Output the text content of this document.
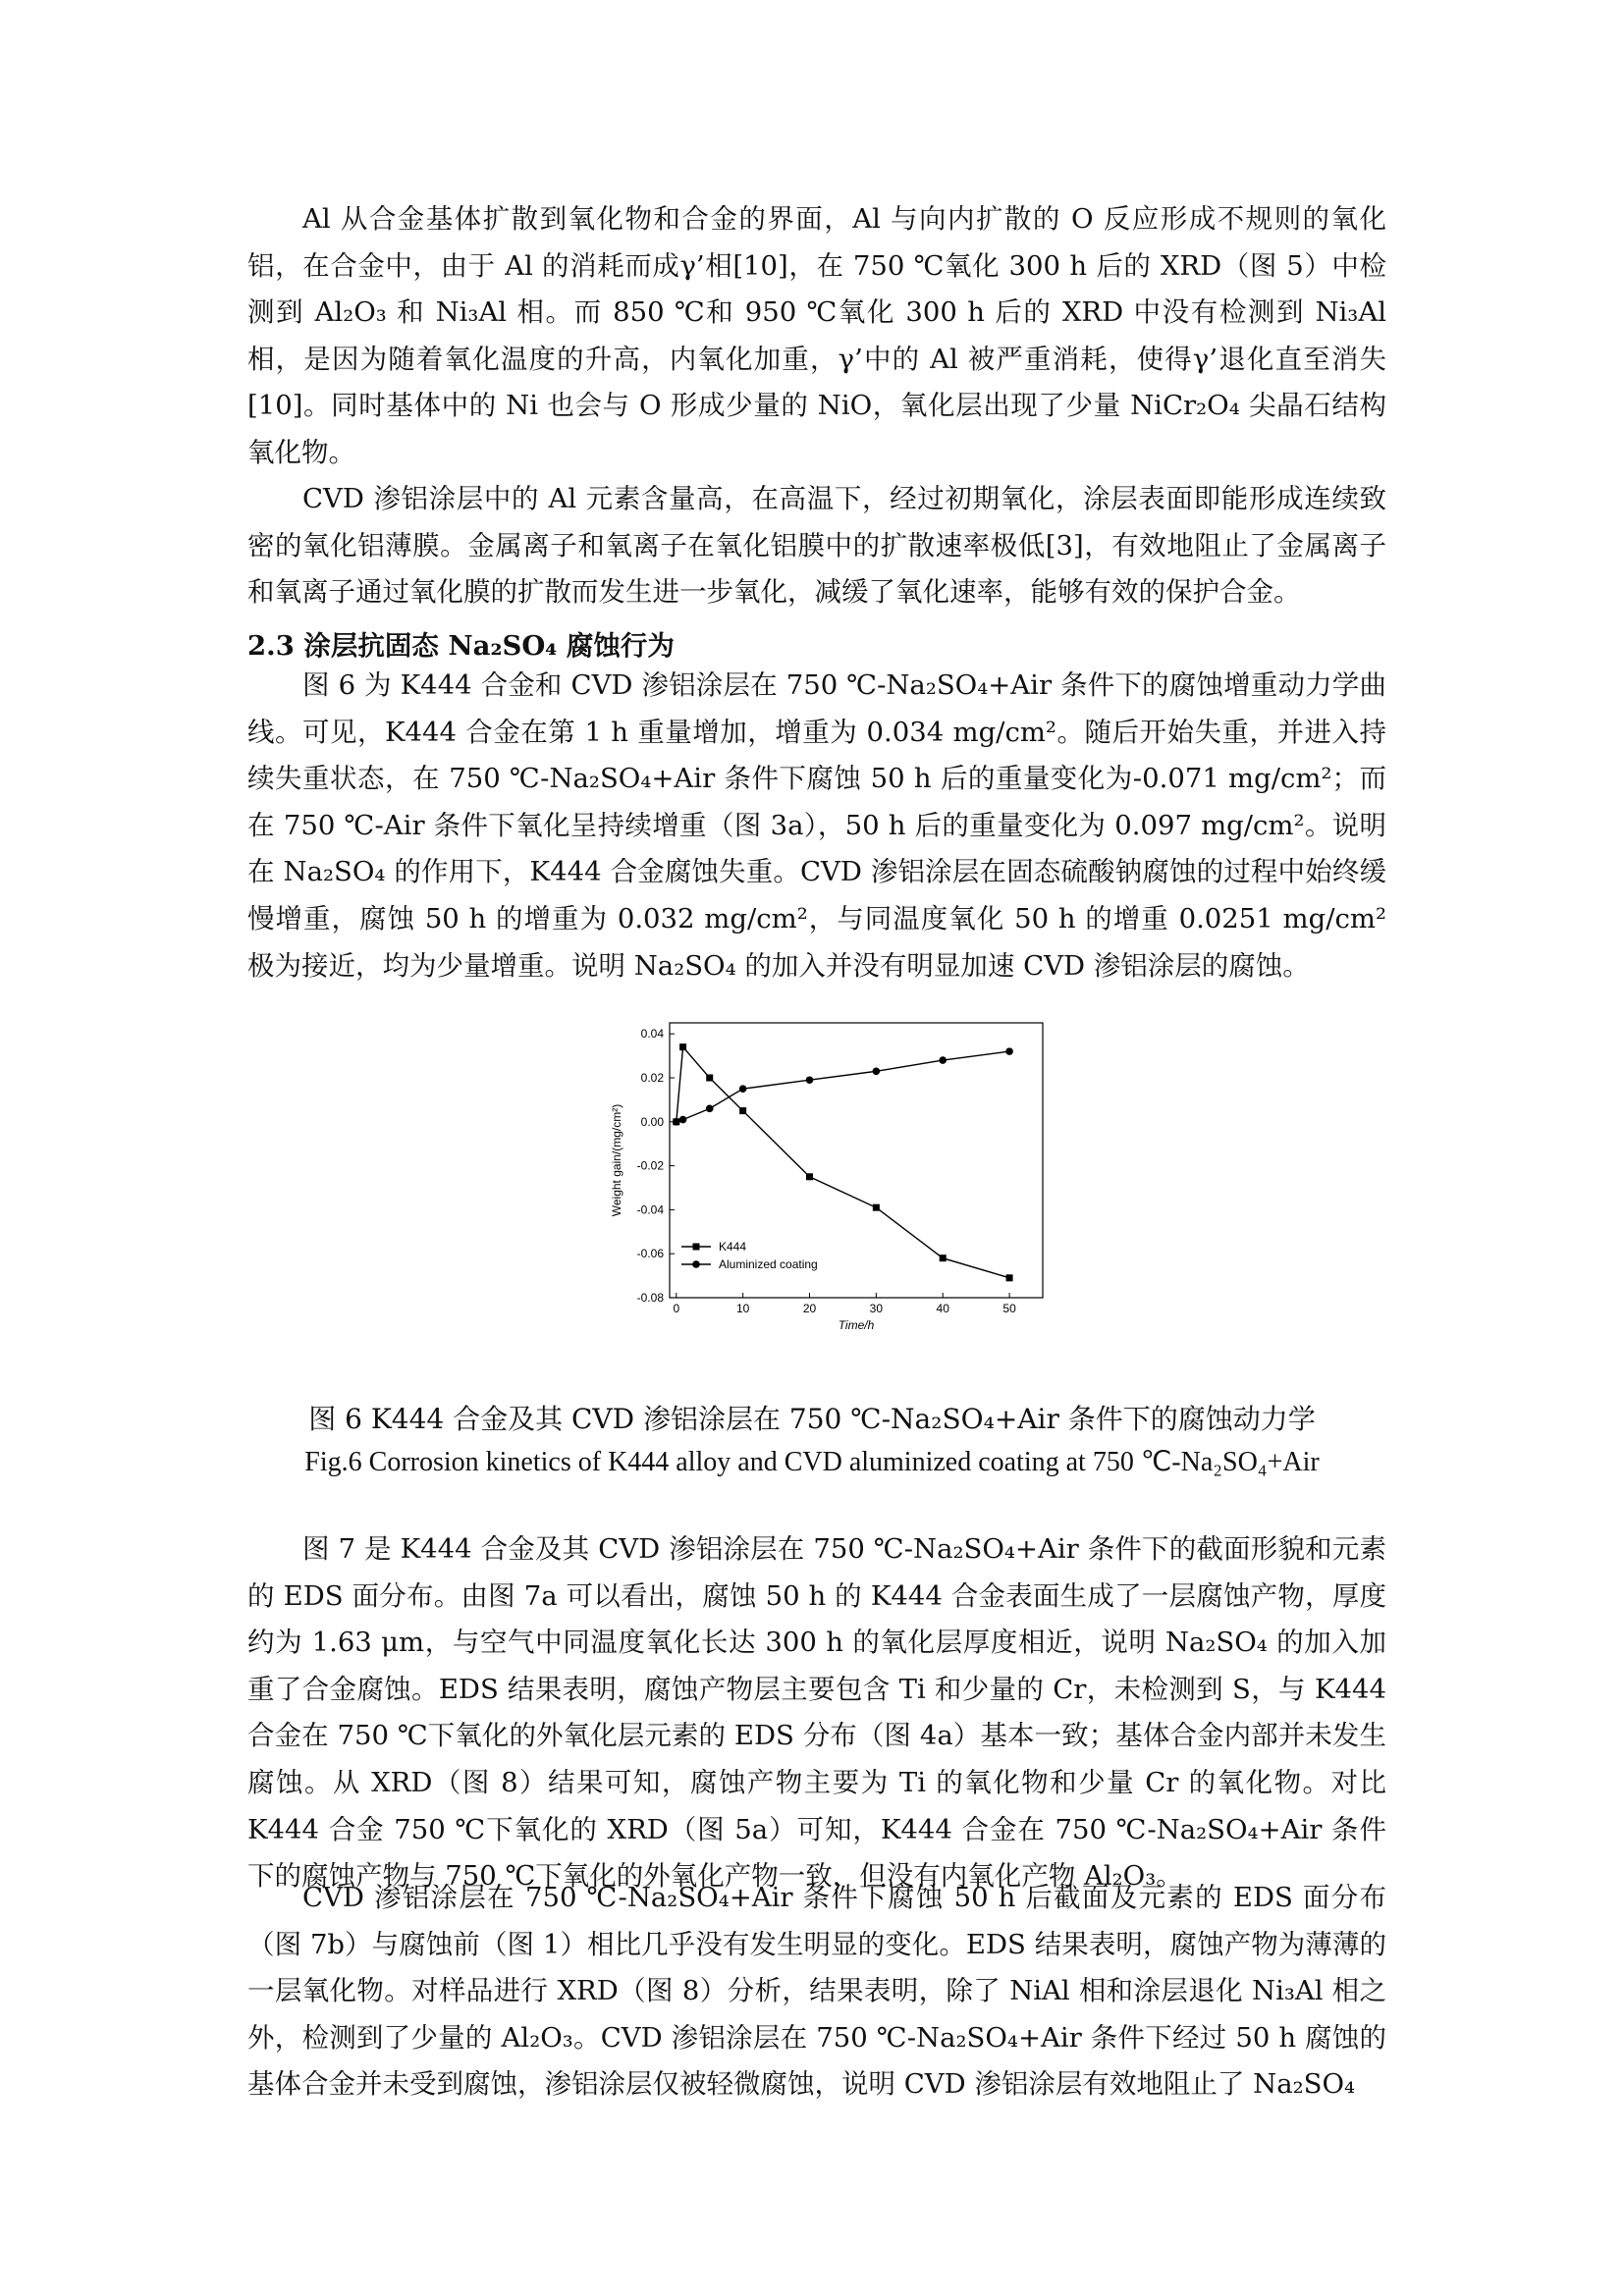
Al 从合金基体扩散到氧化物和合金的界面，Al 与向内扩散的 O 反应形成不规则的氧化铝，在合金中，由于 Al 的消耗而成γ’相[10]，在 750 ℃氧化 300 h 后的 XRD（图 5）中检测到 Al₂O₃ 和 Ni₃Al 相。而 850 ℃和 950 ℃氧化 300 h 后的 XRD 中没有检测到 Ni₃Al 相，是因为随着氧化温度的升高，内氧化加重，γ’中的 Al 被严重消耗，使得γ’退化直至消失[10]。同时基体中的 Ni 也会与 O 形成少量的 NiO，氧化层出现了少量 NiCr₂O₄ 尖晶石结构氧化物。

CVD 渗铝涂层中的 Al 元素含量高，在高温下，经过初期氧化，涂层表面即能形成连续致密的氧化铝薄膜。金属离子和氧离子在氧化铝膜中的扩散速率极低[3]，有效地阻止了金属离子和氧离子通过氧化膜的扩散而发生进一步氧化，减缓了氧化速率，能够有效的保护合金。

2.3 涂层抗固态 Na₂SO₄ 腐蚀行为

图 6 为 K444 合金和 CVD 渗铝涂层在 750 ℃-Na₂SO₄+Air 条件下的腐蚀增重动力学曲线。可见，K444 合金在第 1 h 重量增加，增重为 0.034 mg/cm²。随后开始失重，并进入持续失重状态，在 750 ℃-Na₂SO₄+Air 条件下腐蚀 50 h 后的重量变化为-0.071 mg/cm²；而在 750 ℃-Air 条件下氧化呈持续增重（图 3a），50 h 后的重量变化为 0.097 mg/cm²。说明在 Na₂SO₄ 的作用下，K444 合金腐蚀失重。CVD 渗铝涂层在固态硫酸钠腐蚀的过程中始终缓慢增重，腐蚀 50 h 的增重为 0.032 mg/cm²，与同温度氧化 50 h 的增重 0.0251 mg/cm² 极为接近，均为少量增重。说明 Na₂SO₄ 的加入并没有明显加速 CVD 渗铝涂层的腐蚀。

0	10	20	30	40	50
-0.08
-0.06
-0.04
-0.02
0.00
0.02
0.04
Time/h
Weight gain/(mg/cm²)
K444
Aluminized coating

图 6 K444 合金及其 CVD 渗铝涂层在 750 ℃-Na₂SO₄+Air 条件下的腐蚀动力学

Fig.6 Corrosion kinetics of K444 alloy and CVD aluminized coating at 750 ℃-Na₂SO₄+Air

图 7 是 K444 合金及其 CVD 渗铝涂层在 750 ℃-Na₂SO₄+Air 条件下的截面形貌和元素的 EDS 面分布。由图 7a 可以看出，腐蚀 50 h 的 K444 合金表面生成了一层腐蚀产物，厚度约为 1.63 μm，与空气中同温度氧化长达 300 h 的氧化层厚度相近，说明 Na₂SO₄ 的加入加重了合金腐蚀。EDS 结果表明，腐蚀产物层主要包含 Ti 和少量的 Cr，未检测到 S，与 K444 合金在 750 ℃下氧化的外氧化层元素的 EDS 分布（图 4a）基本一致；基体合金内部并未发生腐蚀。从 XRD（图 8）结果可知，腐蚀产物主要为 Ti 的氧化物和少量 Cr 的氧化物。对比 K444 合金 750 ℃下氧化的 XRD（图 5a）可知，K444 合金在 750 ℃-Na₂SO₄+Air 条件下的腐蚀产物与 750 ℃下氧化的外氧化产物一致，但没有内氧化产物 Al₂O₃。

CVD 渗铝涂层在 750 ℃-Na₂SO₄+Air 条件下腐蚀 50 h 后截面及元素的 EDS 面分布（图 7b）与腐蚀前（图 1）相比几乎没有发生明显的变化。EDS 结果表明，腐蚀产物为薄薄的一层氧化物。对样品进行 XRD（图 8）分析，结果表明，除了 NiAl 相和涂层退化 Ni₃Al 相之外，检测到了少量的 Al₂O₃。CVD 渗铝涂层在 750 ℃-Na₂SO₄+Air 条件下经过 50 h 腐蚀的基体合金并未受到腐蚀，渗铝涂层仅被轻微腐蚀，说明 CVD 渗铝涂层有效地阻止了 Na₂SO₄
